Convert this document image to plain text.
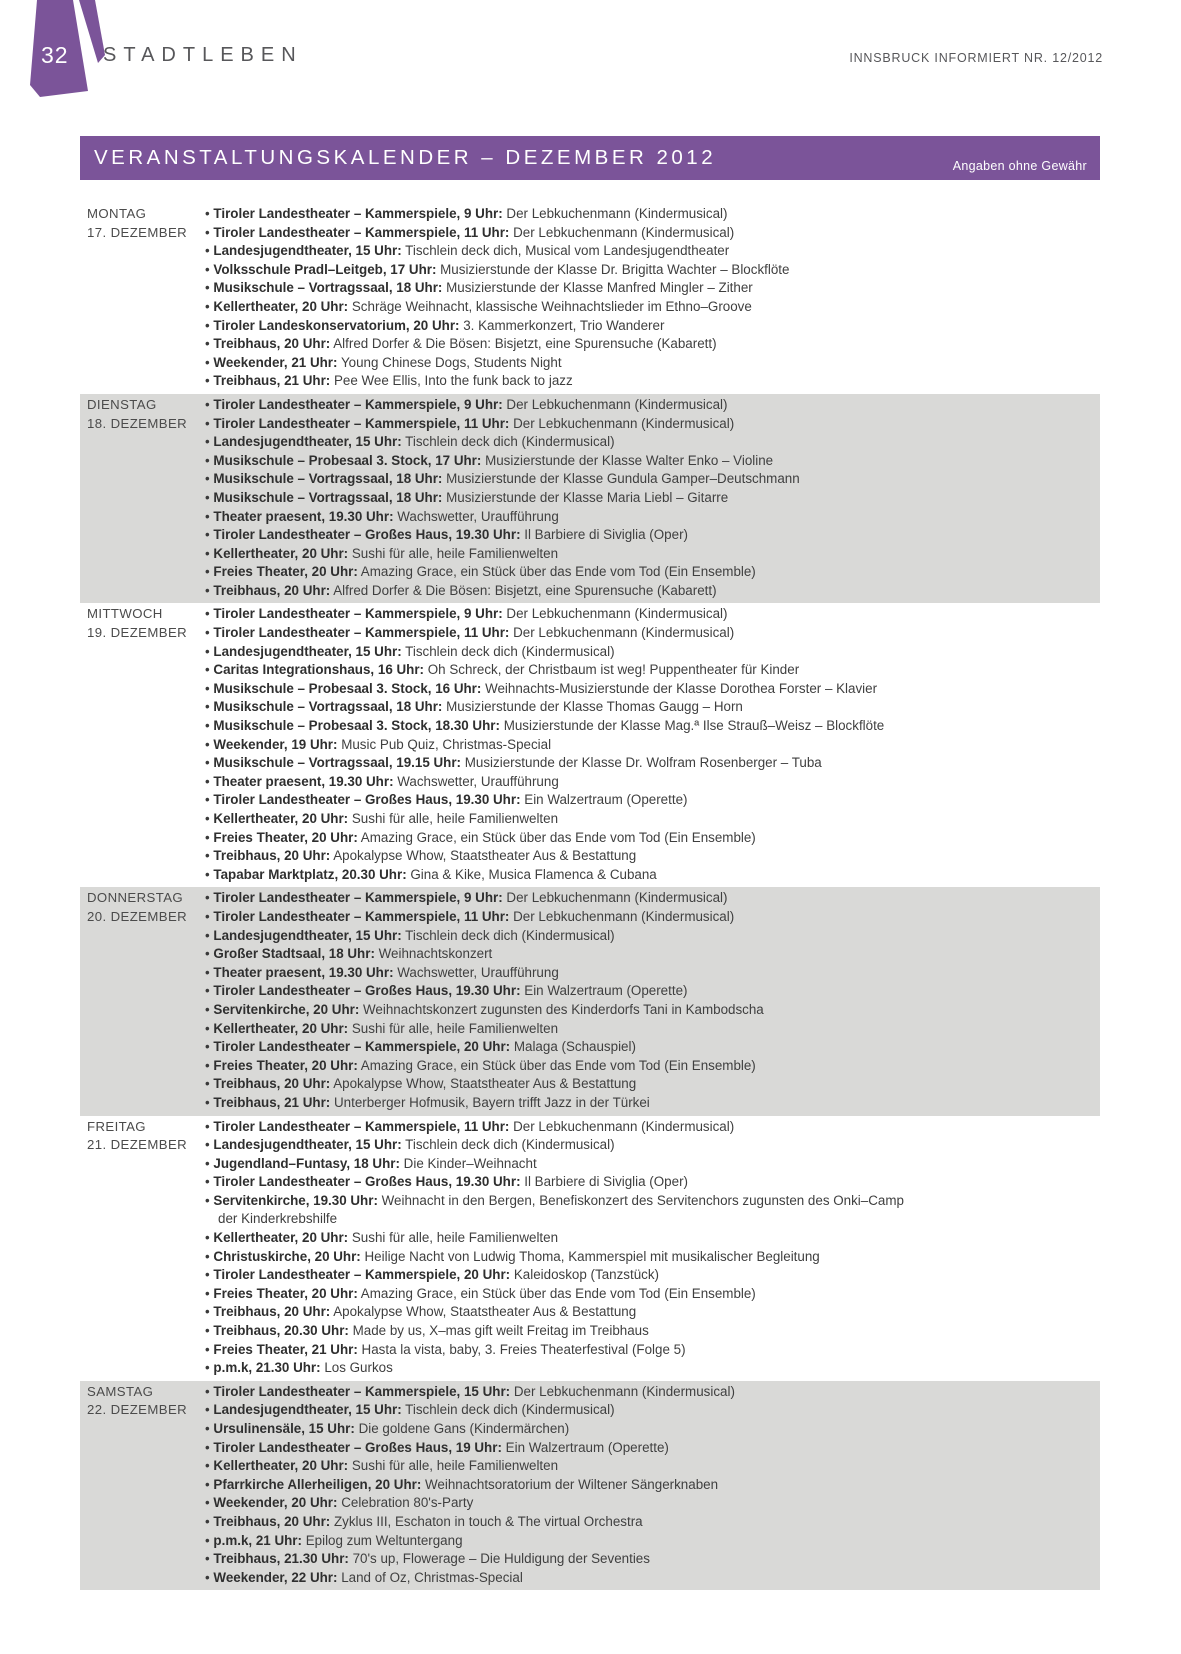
32 STADTLEBEN	INNSBRUCK INFORMIERT NR. 12/2012
VERANSTALTUNGSKALENDER – DEZEMBER 2012	Angaben ohne Gewähr
MONTAG
17. DEZEMBER
• Tiroler Landestheater – Kammerspiele, 9 Uhr: Der Lebkuchenmann (Kindermusical)
• Tiroler Landestheater – Kammerspiele, 11 Uhr: Der Lebkuchenmann (Kindermusical)
• Landesjugendtheater, 15 Uhr: Tischlein deck dich, Musical vom Landesjugendtheater
• Volksschule Pradl–Leitgeb, 17 Uhr: Musizierstunde der Klasse Dr. Brigitta Wachter – Blockflöte
• Musikschule – Vortragssaal, 18 Uhr: Musizierstunde der Klasse Manfred Mingler – Zither
• Kellertheater, 20 Uhr: Schräge Weihnacht, klassische Weihnachtslieder im Ethno–Groove
• Tiroler Landeskonservatorium, 20 Uhr: 3. Kammerkonzert, Trio Wanderer
• Treibhaus, 20 Uhr: Alfred Dorfer & Die Bösen: Bisjetzt, eine Spurensuche (Kabarett)
• Weekender, 21 Uhr: Young Chinese Dogs, Students Night
• Treibhaus, 21 Uhr: Pee Wee Ellis, Into the funk back to jazz
DIENSTAG
18. DEZEMBER
• Tiroler Landestheater – Kammerspiele, 9 Uhr: Der Lebkuchenmann (Kindermusical)
• Tiroler Landestheater – Kammerspiele, 11 Uhr: Der Lebkuchenmann (Kindermusical)
• Landesjugendtheater, 15 Uhr: Tischlein deck dich (Kindermusical)
• Musikschule – Probesaal 3. Stock, 17 Uhr: Musizierstunde der Klasse Walter Enko – Violine
• Musikschule – Vortragssaal, 18 Uhr: Musizierstunde der Klasse Gundula Gamper–Deutschmann
• Musikschule – Vortragssaal, 18 Uhr: Musizierstunde der Klasse Maria Liebl – Gitarre
• Theater praesent, 19.30 Uhr: Wachswetter, Uraufführung
• Tiroler Landestheater – Großes Haus, 19.30 Uhr: Il Barbiere di Siviglia (Oper)
• Kellertheater, 20 Uhr: Sushi für alle, heile Familienwelten
• Freies Theater, 20 Uhr: Amazing Grace, ein Stück über das Ende vom Tod (Ein Ensemble)
• Treibhaus, 20 Uhr: Alfred Dorfer & Die Bösen: Bisjetzt, eine Spurensuche (Kabarett)
MITTWOCH
19. DEZEMBER
• Tiroler Landestheater – Kammerspiele, 9 Uhr: Der Lebkuchenmann (Kindermusical)
• Tiroler Landestheater – Kammerspiele, 11 Uhr: Der Lebkuchenmann (Kindermusical)
• Landesjugendtheater, 15 Uhr: Tischlein deck dich (Kindermusical)
• Caritas Integrationshaus, 16 Uhr: Oh Schreck, der Christbaum ist weg! Puppentheater für Kinder
• Musikschule – Probesaal 3. Stock, 16 Uhr: Weihnachts-Musizierstunde der Klasse Dorothea Forster – Klavier
• Musikschule – Vortragssaal, 18 Uhr: Musizierstunde der Klasse Thomas Gaugg – Horn
• Musikschule – Probesaal 3. Stock, 18.30 Uhr: Musizierstunde der Klasse Mag.ª Ilse Strauß–Weisz – Blockflöte
• Weekender, 19 Uhr: Music Pub Quiz, Christmas-Special
• Musikschule – Vortragssaal, 19.15 Uhr: Musizierstunde der Klasse Dr. Wolfram Rosenberger – Tuba
• Theater praesent, 19.30 Uhr: Wachswetter, Uraufführung
• Tiroler Landestheater – Großes Haus, 19.30 Uhr: Ein Walzertraum (Operette)
• Kellertheater, 20 Uhr: Sushi für alle, heile Familienwelten
• Freies Theater, 20 Uhr: Amazing Grace, ein Stück über das Ende vom Tod (Ein Ensemble)
• Treibhaus, 20 Uhr: Apokalypse Whow, Staatstheater Aus & Bestattung
• Tapabar Marktplatz, 20.30 Uhr: Gina & Kike, Musica Flamenca & Cubana
DONNERSTAG
20. DEZEMBER
• Tiroler Landestheater – Kammerspiele, 9 Uhr: Der Lebkuchenmann (Kindermusical)
• Tiroler Landestheater – Kammerspiele, 11 Uhr: Der Lebkuchenmann (Kindermusical)
• Landesjugendtheater, 15 Uhr: Tischlein deck dich (Kindermusical)
• Großer Stadtsaal, 18 Uhr: Weihnachtskonzert
• Theater praesent, 19.30 Uhr: Wachswetter, Uraufführung
• Tiroler Landestheater – Großes Haus, 19.30 Uhr: Ein Walzertraum (Operette)
• Servitenkirche, 20 Uhr: Weihnachtskonzert zugunsten des Kinderdorfs Tani in Kambodscha
• Kellertheater, 20 Uhr: Sushi für alle, heile Familienwelten
• Tiroler Landestheater – Kammerspiele, 20 Uhr: Malaga (Schauspiel)
• Freies Theater, 20 Uhr: Amazing Grace, ein Stück über das Ende vom Tod (Ein Ensemble)
• Treibhaus, 20 Uhr: Apokalypse Whow, Staatstheater Aus & Bestattung
• Treibhaus, 21 Uhr: Unterberger Hofmusik, Bayern trifft Jazz in der Türkei
FREITAG
21. DEZEMBER
• Tiroler Landestheater – Kammerspiele, 11 Uhr: Der Lebkuchenmann (Kindermusical)
• Landesjugendtheater, 15 Uhr: Tischlein deck dich (Kindermusical)
• Jugendland–Funtasy, 18 Uhr: Die Kinder–Weihnacht
• Tiroler Landestheater – Großes Haus, 19.30 Uhr: Il Barbiere di Siviglia (Oper)
• Servitenkirche, 19.30 Uhr: Weihnacht in den Bergen, Benefiskonzert des Servitenchors zugunsten des Onki–Camp
der Kinderkrebshilfe
• Kellertheater, 20 Uhr: Sushi für alle, heile Familienwelten
• Christuskirche, 20 Uhr: Heilige Nacht von Ludwig Thoma, Kammerspiel mit musikalischer Begleitung
• Tiroler Landestheater – Kammerspiele, 20 Uhr: Kaleidoskop (Tanzstück)
• Freies Theater, 20 Uhr: Amazing Grace, ein Stück über das Ende vom Tod (Ein Ensemble)
• Treibhaus, 20 Uhr: Apokalypse Whow, Staatstheater Aus & Bestattung
• Treibhaus, 20.30 Uhr: Made by us, X–mas gift weilt Freitag im Treibhaus
• Freies Theater, 21 Uhr: Hasta la vista, baby, 3. Freies Theaterfestival (Folge 5)
• p.m.k, 21.30 Uhr: Los Gurkos
SAMSTAG
22. DEZEMBER
• Tiroler Landestheater – Kammerspiele, 15 Uhr: Der Lebkuchenmann (Kindermusical)
• Landesjugendtheater, 15 Uhr: Tischlein deck dich (Kindermusical)
• Ursulinensäle, 15 Uhr: Die goldene Gans (Kindermärchen)
• Tiroler Landestheater – Großes Haus, 19 Uhr: Ein Walzertraum (Operette)
• Kellertheater, 20 Uhr: Sushi für alle, heile Familienwelten
• Pfarrkirche Allerheiligen, 20 Uhr: Weihnachtsoratorium der Wiltener Sängerknaben
• Weekender, 20 Uhr: Celebration 80's-Party
• Treibhaus, 20 Uhr: Zyklus III, Eschaton in touch & The virtual Orchestra
• p.m.k, 21 Uhr: Epilog zum Weltuntergang
• Treibhaus, 21.30 Uhr: 70's up, Flowerage – Die Huldigung der Seventies
• Weekender, 22 Uhr: Land of Oz, Christmas-Special
